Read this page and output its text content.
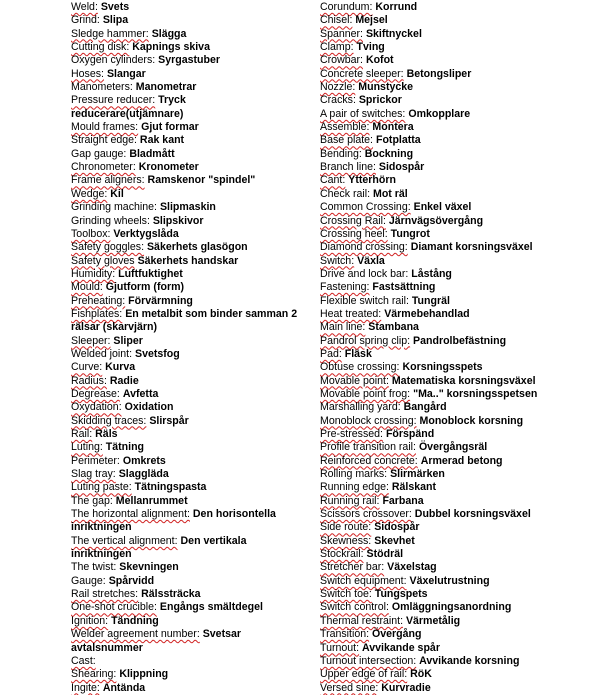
Weld: Svets
Grind: Slipa
Sledge hammer: Slägga
Cutting disk: Kapnings skiva
Oxygen cylinders: Syrgastuber
Hoses: Slangar
Manometers: Manometrar
Pressure reducer: Tryck reducerare(utjämnare)
Mould frames: Gjut formar
Straight edge: Rak kant
Gap gauge: Bladmått
Chronometer: Kronometer
Frame aligners: Ramskenor "spindel"
Wedge: Kil
Grinding machine: Slipmaskin
Grinding wheels: Slipskivor
Toolbox: Verktygslåda
Safety goggles: Säkerhets glasögon
Safety gloves Säkerhets handskar
Humidity: Luftfuktighet
Mould: Gjutform (form)
Preheating: Förvärmning
Fishplates: En metalbit som binder samman 2 rälsar (skarvjärn)
Sleeper: Sliper
Welded joint: Svetsfog
Curve: Kurva
Radius: Radie
Degrease: Avfetta
Oxydation: Oxidation
Skidding traces: Slirspår
Rail: Räls
Luting: Tätning
Perimeter: Omkrets
Slag tray: Slaggläda
Luting paste: Tätningspasta
The gap: Mellanrummet
The horizontal alignment: Den horisontella inriktningen
The vertical alignment: Den vertikala inriktningen
The twist: Skevningen
Gauge: Spårvidd
Rail stretches: Rälssträcka
One-shot crucible: Engångs smältdegel
Ignition: Tändning
Welder agreement number: Svetsar avtalsnummer
Cast:
Shearing: Klippning
Ingite: Antända
Corundum: Korrund
Chisel: Mejsel
Spanner: Skiftnyckel
Clamp: Tving
Crowbar: Kofot
Concrete sleeper: Betongsliper
Nozzle: Munstycke
Cracks: Sprickor
A pair of switches: Omkopplare
Assemble: Montera
Base plate: Fotplatta
Bending: Bockning
Branch line: Sidospår
Cant: Ytterhörn
Check rail: Mot räl
Common Crossing: Enkel växel
Crossing Rail: Järnvägsövergång
Crossing heel: Tungrot
Diamond crossing: Diamant korsningsväxel
Switch: Växla
Drive and lock bar: Låstång
Fastening: Fastsättning
Flexible switch rail: Tungräl
Heat treated: Värmebehandlad
Main line: Stambana
Pandrol spring clip: Pandrolbefästning
Pad: Fläsk
Obtuse crossing: Korsningsspets
Movable point: Matematiska korsningsväxel
Movable point frog: "Ma.." korsningsspetsen
Marshalling yard: Bangård
Monoblock crossing: Monoblock korsning
Pre-stressed: Förspänd
Profile transition rail: Övergångsräl
Reinforced concrete: Armerad betong
Rolling marks: Slirmärken
Running edge: Rälskant
Running rail: Farbana
Scissors crossover: Dubbel korsningsväxel
Side route: Sidospår
Skewness: Skevhet
Stockrail: Stödräl
Stretcher bar: Växelstag
Switch equipment: Växelutrustning
Switch toe: Tungspets
Switch control: Omläggningsanordning
Thermal restraint: Värmetålig
Transition: Övergång
Turnout: Avvikande spår
Turnout intersection: Avvikande korsning
Upper edge of rail: RöK
Versed sine: Kurvradie
